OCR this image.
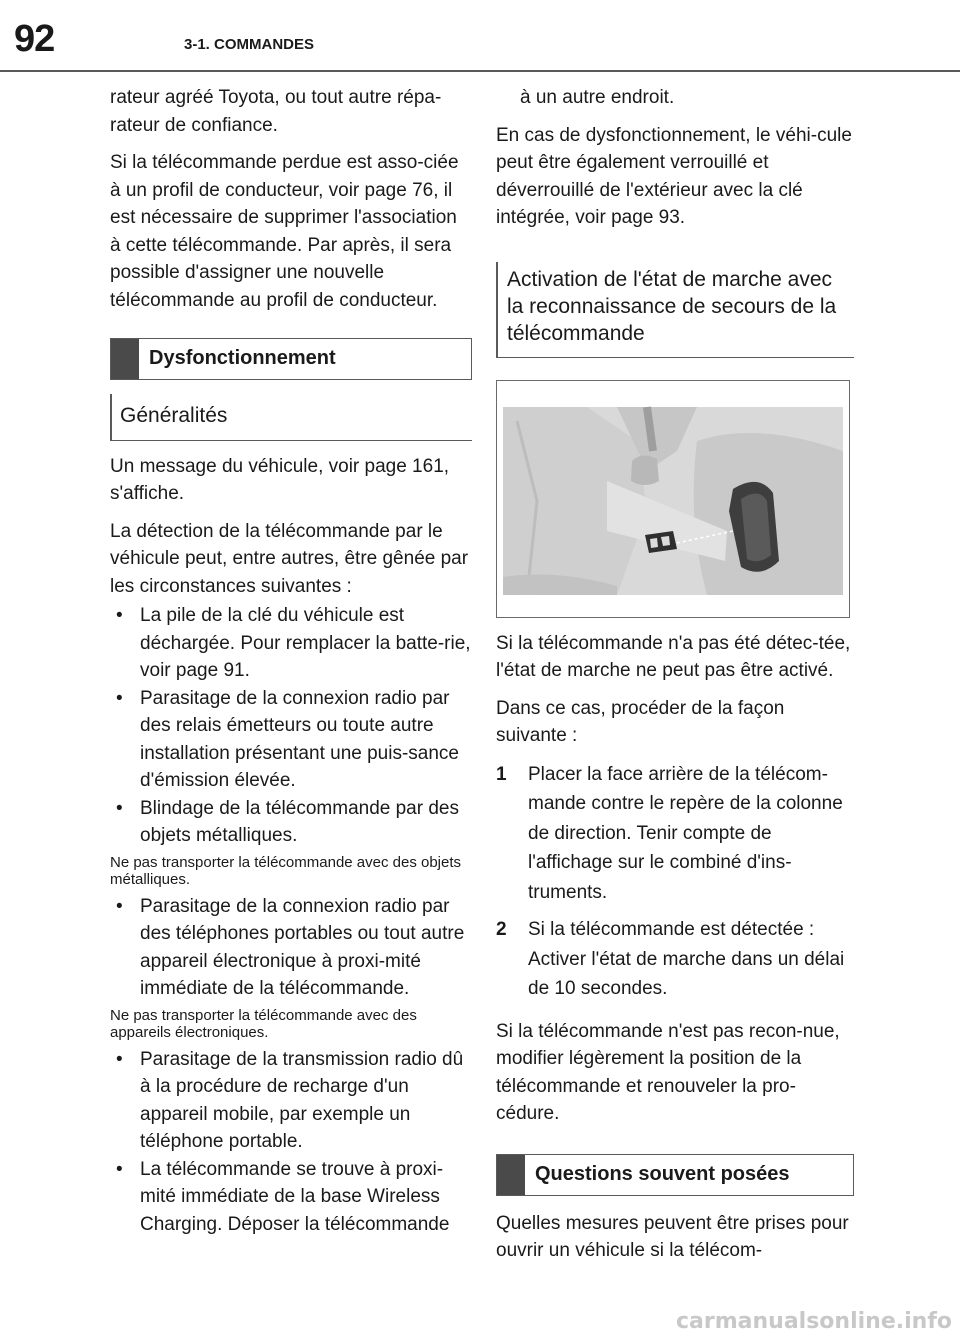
92	3-1. COMMANDES

rateur agréé Toyota, ou tout autre répa-rateur de confiance.

Si la télécommande perdue est asso-ciée à un profil de conducteur, voir page 76, il est nécessaire de supprimer l'association à cette télécommande. Par après, il sera possible d'assigner une nouvelle télécommande au profil de conducteur.

Dysfonctionnement
Généralités

Un message du véhicule, voir page 161, s'affiche.

La détection de la télécommande par le véhicule peut, entre autres, être gênée par les circonstances suivantes :

• La pile de la clé du véhicule est déchargée. Pour remplacer la batte-rie, voir page 91.
• Parasitage de la connexion radio par des relais émetteurs ou toute autre installation présentant une puis-sance d'émission élevée.
• Blindage de la télécommande par des objets métalliques.

Ne pas transporter la télécommande avec des objets métalliques.

• Parasitage de la connexion radio par des téléphones portables ou tout autre appareil électronique à proxi-mité immédiate de la télécommande.

Ne pas transporter la télécommande avec des appareils électroniques.

• Parasitage de la transmission radio dû à la procédure de recharge d'un appareil mobile, par exemple un téléphone portable.
• La télécommande se trouve à proxi-mité immédiate de la base Wireless Charging. Déposer la télécommande

à un autre endroit.

En cas de dysfonctionnement, le véhi-cule peut être également verrouillé et déverrouillé de l'extérieur avec la clé intégrée, voir page 93.

Activation de l'état de marche avec la reconnaissance de secours de la télécommande

Si la télécommande n'a pas été détec-tée, l'état de marche ne peut pas être activé.

Dans ce cas, procéder de la façon suivante :

1 Placer la face arrière de la télécom-mande contre le repère de la colonne de direction. Tenir compte de l'affichage sur le combiné d'ins-truments.
2 Si la télécommande est détectée : Activer l'état de marche dans un délai de 10 secondes.

Si la télécommande n'est pas recon-nue, modifier légèrement la position de la télécommande et renouveler la pro-cédure.

Questions souvent posées

Quelles mesures peuvent être prises pour ouvrir un véhicule si la télécom-

carmanualsonline.info
